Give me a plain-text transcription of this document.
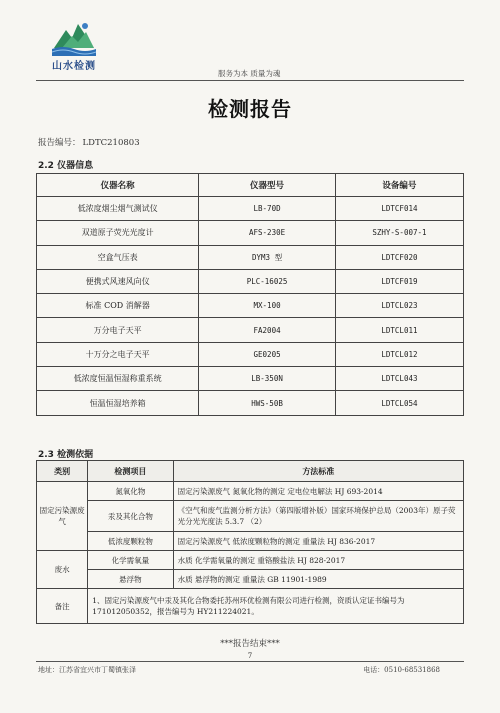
山水检测
服务为本 质量为魂
检测报告
报告编号： LDTC210803
2.2 仪器信息
仪器名称	仪器型号	设备编号
低浓度烟尘烟气测试仪	LB-70D	LDTCF014
双道原子荧光光度计	AFS-230E	SZHY-S-007-1
空盒气压表	DYM3 型	LDTCF020
便携式风速风向仪	PLC-16025	LDTCF019
标准 COD 消解器	MX-100	LDTCL023
万分电子天平	FA2004	LDTCL011
十万分之电子天平	GE0205	LDTCL012
低浓度恒温恒湿称重系统	LB-350N	LDTCL043
恒温恒湿培养箱	HWS-50B	LDTCL054
2.3 检测依据
类别	检测项目	方法标准
固定污染源废气	氮氧化物	固定污染源废气 氮氧化物的测定 定电位电解法 HJ 693-2014
	汞及其化合物	《空气和废气监测分析方法》（第四版增补版）国家环境保护总局（2003年）原子荧光分光光度法 5.3.7 （2）
	低浓度颗粒物	固定污染源废气 低浓度颗粒物的测定 重量法 HJ 836-2017
废水	化学需氧量	水质 化学需氧量的测定 重铬酸盐法 HJ 828-2017
	悬浮物	水质 悬浮物的测定 重量法 GB 11901-1989
备注	1、固定污染源废气中汞及其化合物委托苏州环优检测有限公司进行检测，资质认定证书编号为 171012050352，报告编号为 HY211224021。	
***报告结束***
7
地址：江苏省宜兴市丁蜀镇张泽	电话：0510-68531868
